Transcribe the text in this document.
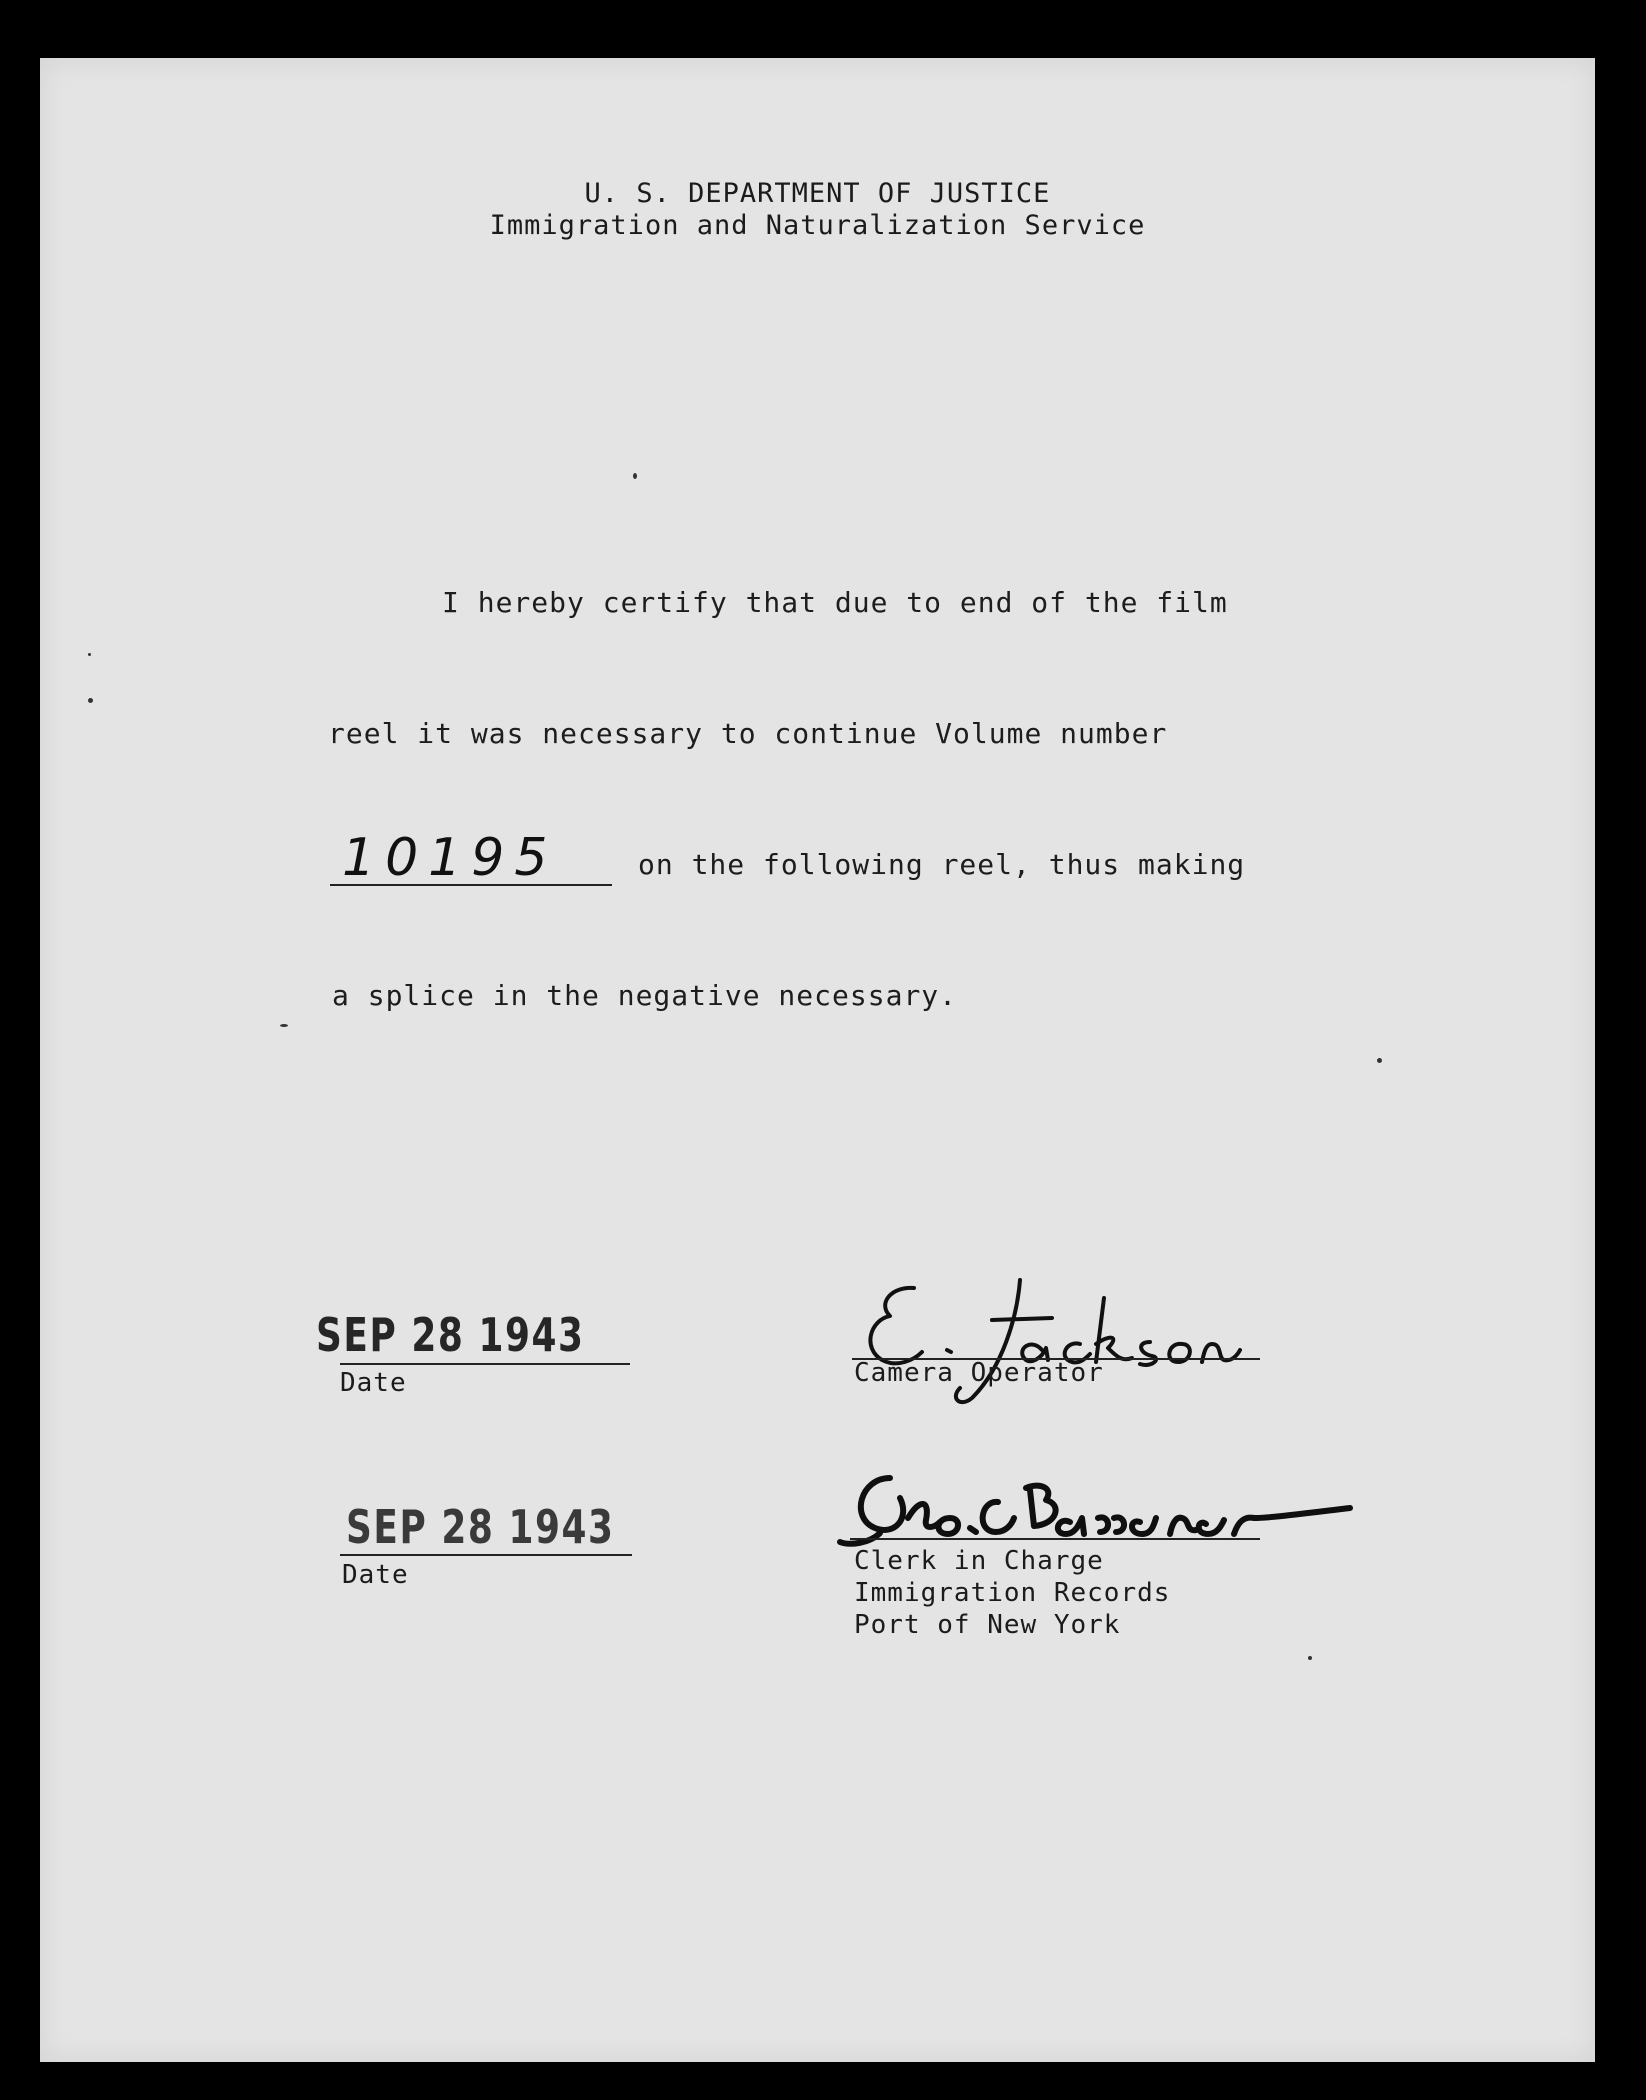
U. S. DEPARTMENT OF JUSTICE
Immigration and Naturalization Service
I hereby certify that due to end of the film
reel it was necessary to continue Volume number
10195	on the following reel, thus making
a splice in the negative necessary.
SEP 28 1943
Date	Camera Operator
SEP 28 1943
Date	Clerk in Charge
Immigration Records
Port of New York
